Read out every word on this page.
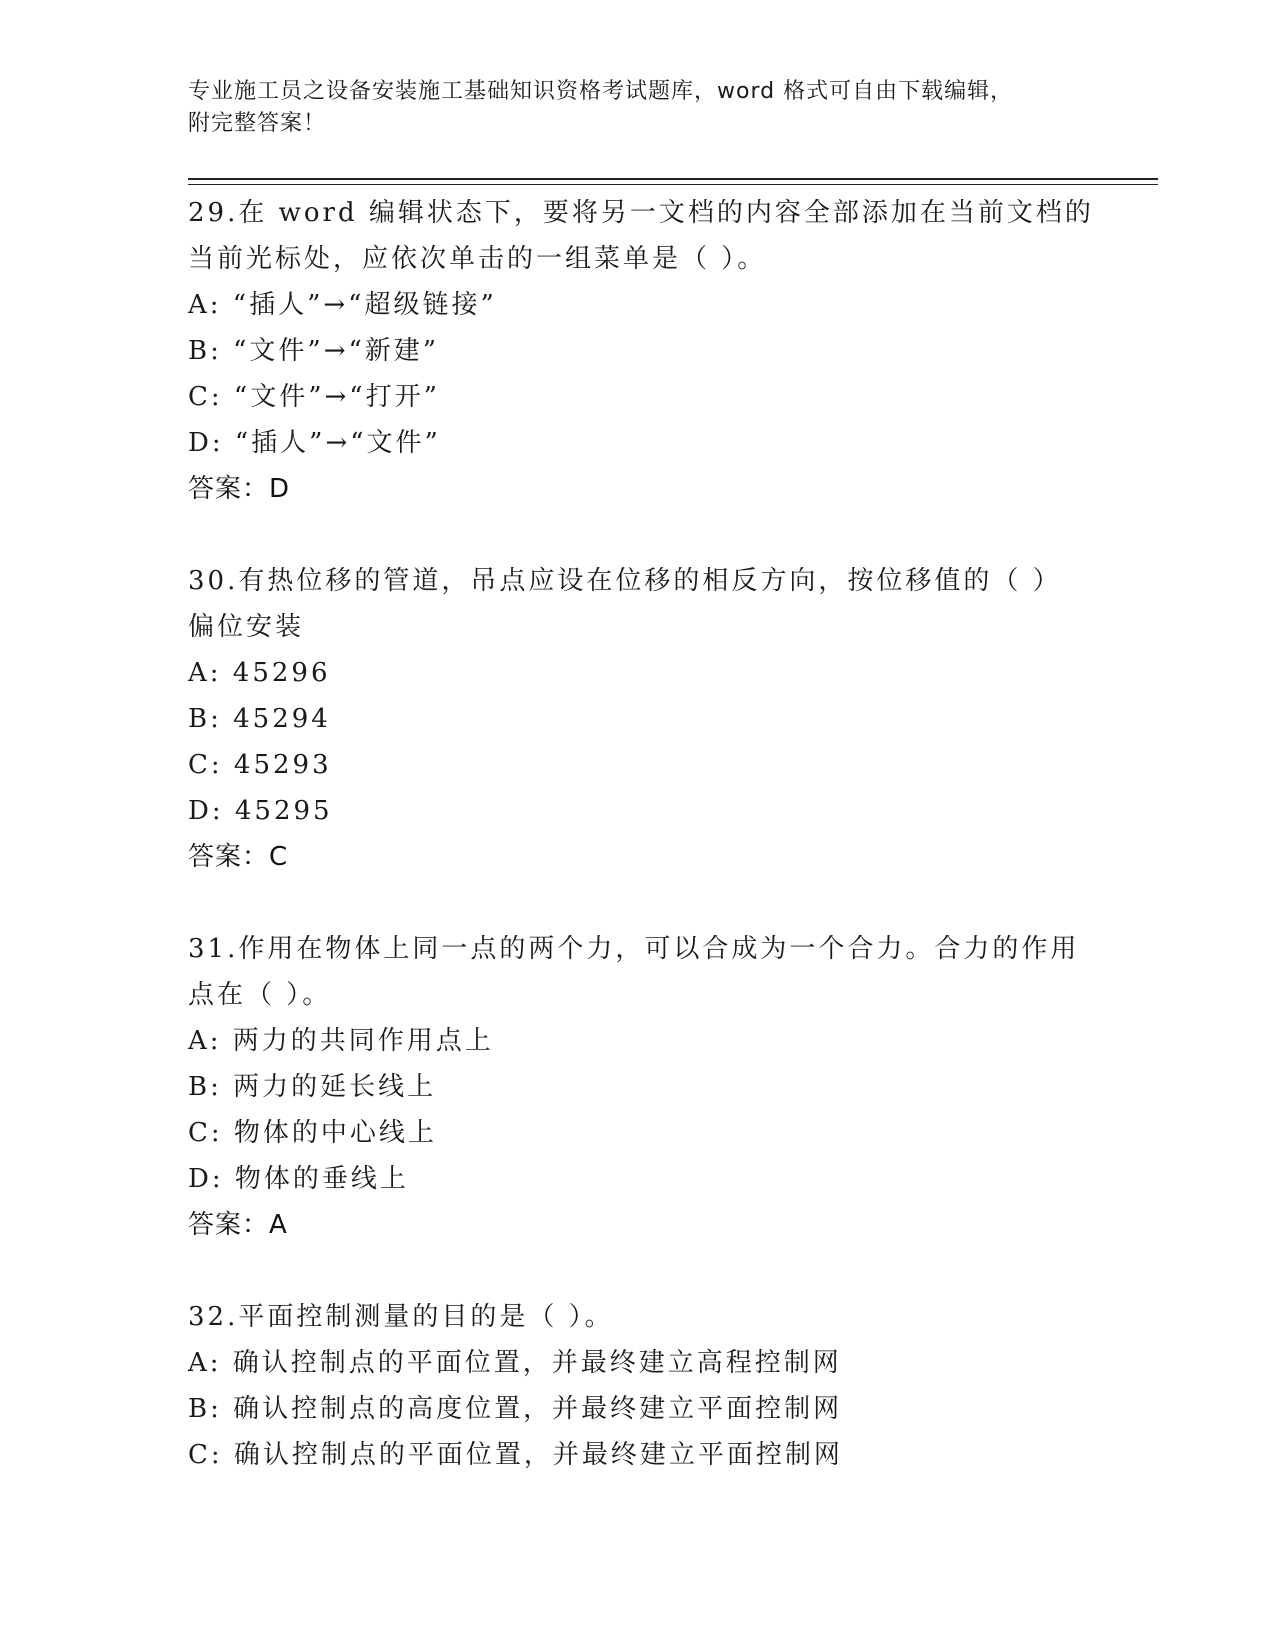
专业施工员之设备安装施工基础知识资格考试题库，word 格式可自由下载编辑，
附完整答案！
29.在 word 编辑状态下，要将另一文档的内容全部添加在当前文档的
当前光标处，应依次单击的一组菜单是（ ）。
A: “插人”→“超级链接”
B: “文件”→“新建”
C: “文件”→“打开”
D: “插人”→“文件”
答案：D
30.有热位移的管道，吊点应设在位移的相反方向，按位移值的（ ）
偏位安装
A: 45296
B: 45294
C: 45293
D: 45295
答案：C
31.作用在物体上同一点的两个力，可以合成为一个合力。合力的作用
点在（ ）。
A: 两力的共同作用点上
B: 两力的延长线上
C: 物体的中心线上
D: 物体的垂线上
答案：A
32.平面控制测量的目的是（ ）。
A: 确认控制点的平面位置，并最终建立高程控制网
B: 确认控制点的高度位置，并最终建立平面控制网
C: 确认控制点的平面位置，并最终建立平面控制网
